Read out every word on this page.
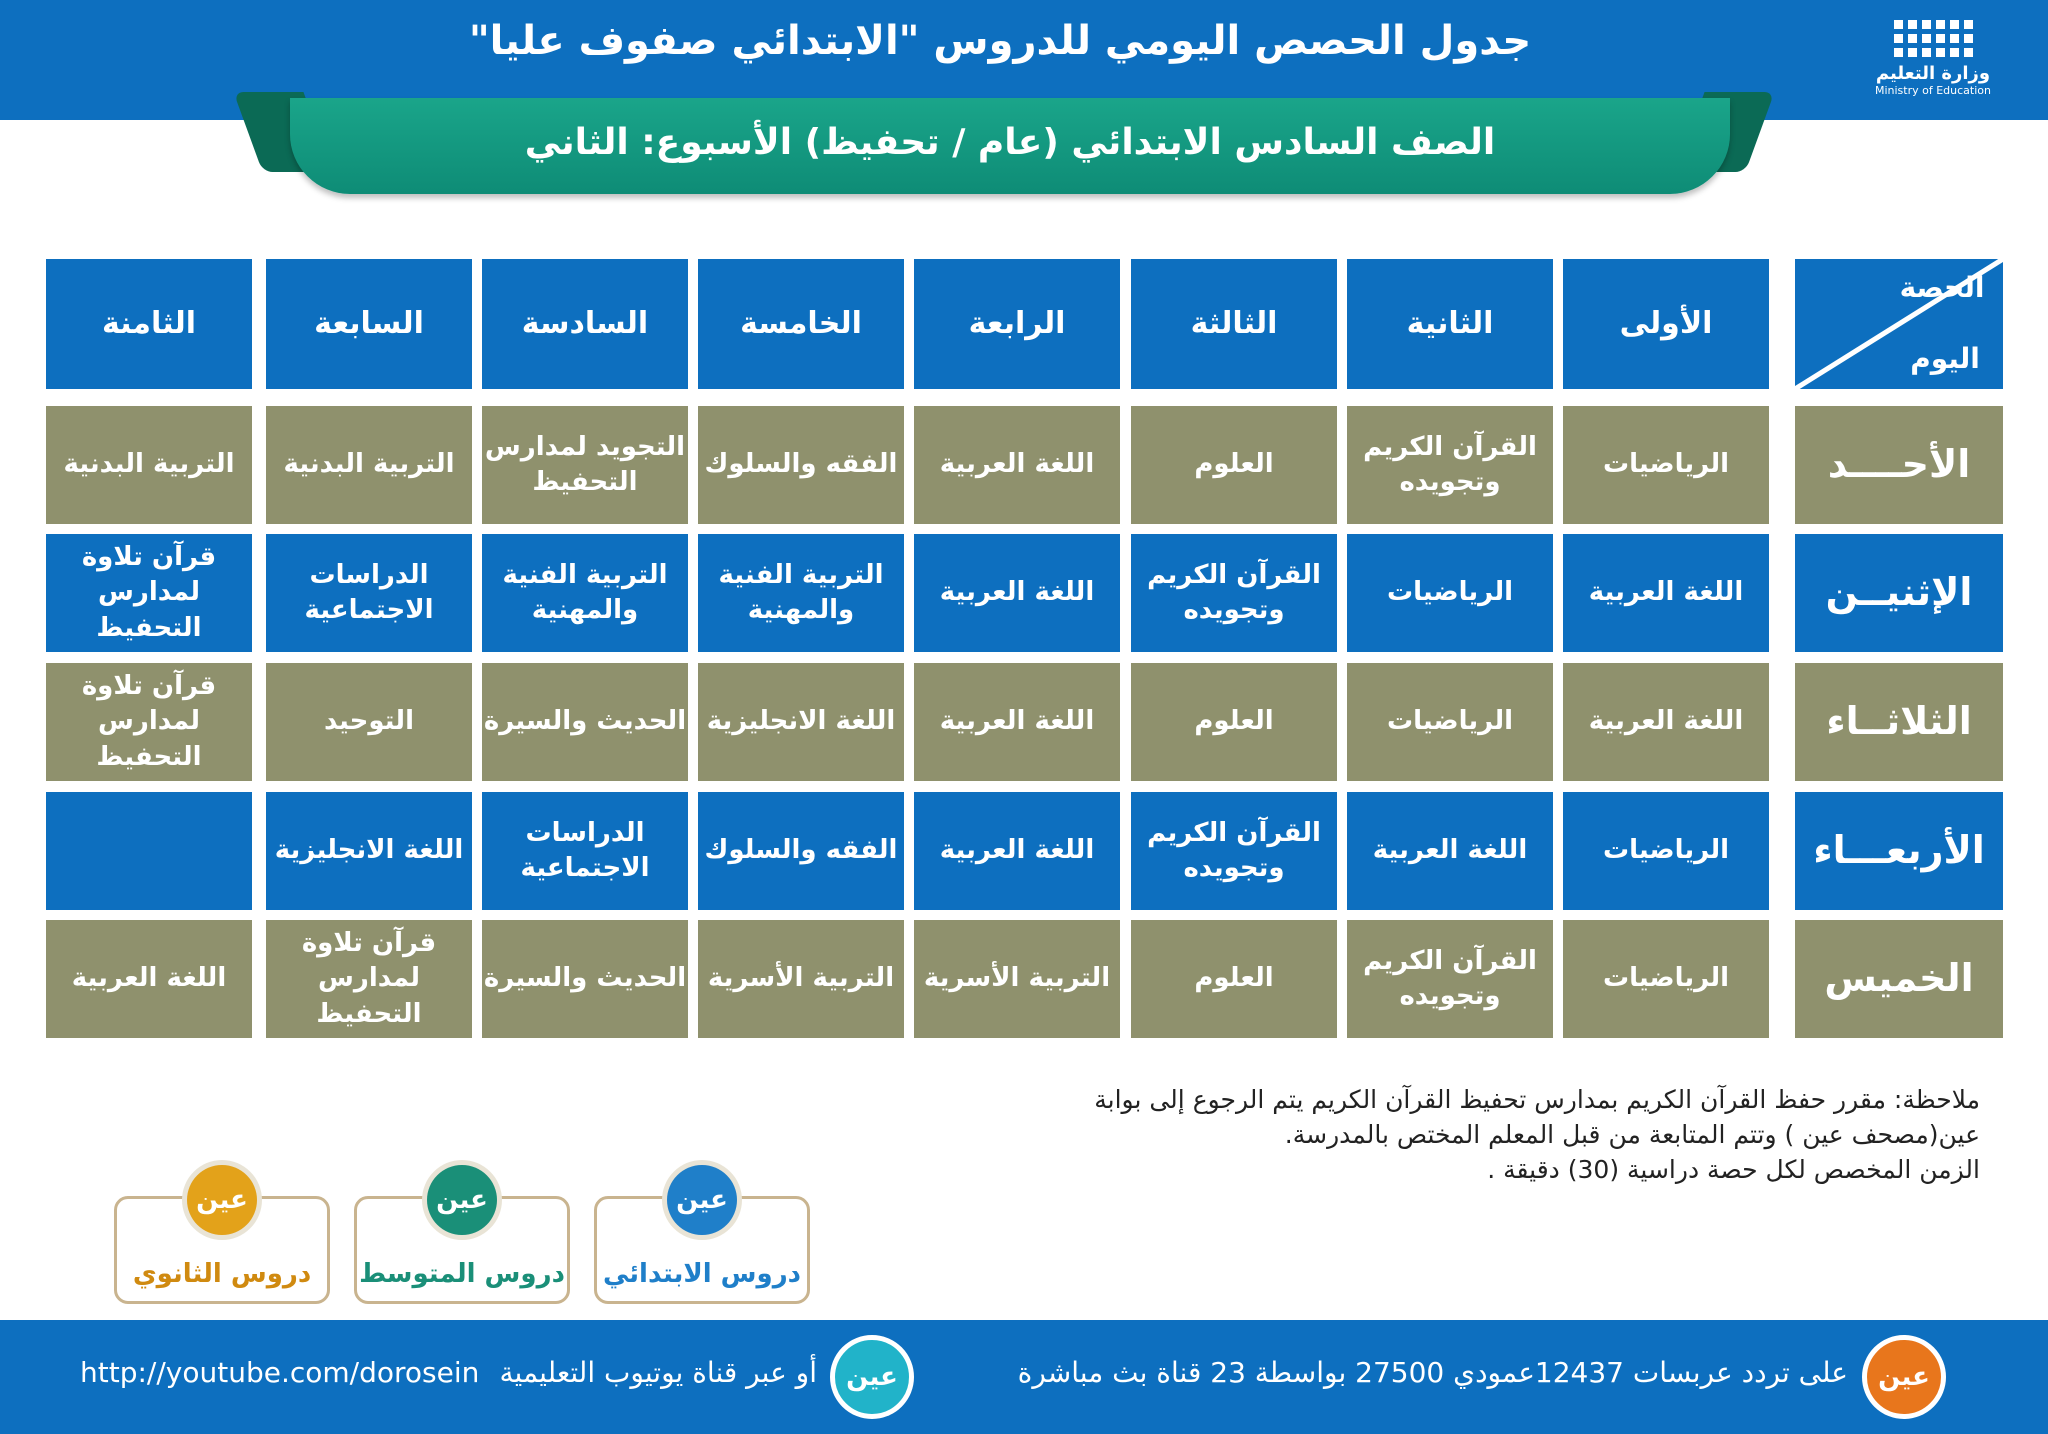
جدول الحصص اليومي للدروس "الابتدائي صفوف عليا"
وزارة التعليم
Ministry of Education
الصف السادس الابتدائي (عام / تحفيظ) الأسبوع: الثاني
الحصة
اليوم
الأولى
الثانية
الثالثة
الرابعة
الخامسة
السادسة
السابعة
الثامنة
الأحــــد
الرياضيات
القرآن الكريم وتجويده
العلوم
اللغة العربية
الفقه والسلوك
التجويد لمدارس التحفيظ
التربية البدنية
التربية البدنية
الإثنيــن
اللغة العربية
الرياضيات
القرآن الكريم وتجويده
اللغة العربية
التربية الفنية والمهنية
التربية الفنية والمهنية
الدراسات الاجتماعية
قرآن تلاوة لمدارس التحفيظ
الثلاثــاء
اللغة العربية
الرياضيات
العلوم
اللغة العربية
اللغة الانجليزية
الحديث والسيرة
التوحيد
قرآن تلاوة لمدارس التحفيظ
الأربعـــاء
الرياضيات
اللغة العربية
القرآن الكريم وتجويده
اللغة العربية
الفقه والسلوك
الدراسات الاجتماعية
اللغة الانجليزية
الخميس
الرياضيات
القرآن الكريم وتجويده
العلوم
التربية الأسرية
التربية الأسرية
الحديث والسيرة
قرآن تلاوة لمدارس التحفيظ
اللغة العربية
ملاحظة: مقرر حفظ القرآن الكريم بمدارس تحفيظ القرآن الكريم يتم الرجوع إلى بوابة
عين(مصحف عين ) وتتم المتابعة من قبل المعلم المختص بالمدرسة.
الزمن المخصص لكل حصة دراسية (30) دقيقة .
عين
دروس الابتدائي
عين
دروس المتوسط
عين
دروس الثانوي
عين
على تردد عربسات 12437عمودي 27500 بواسطة 23 قناة بث مباشرة
عين
أو عبر قناة يوتيوب التعليمية
http://youtube.com/dorosein
